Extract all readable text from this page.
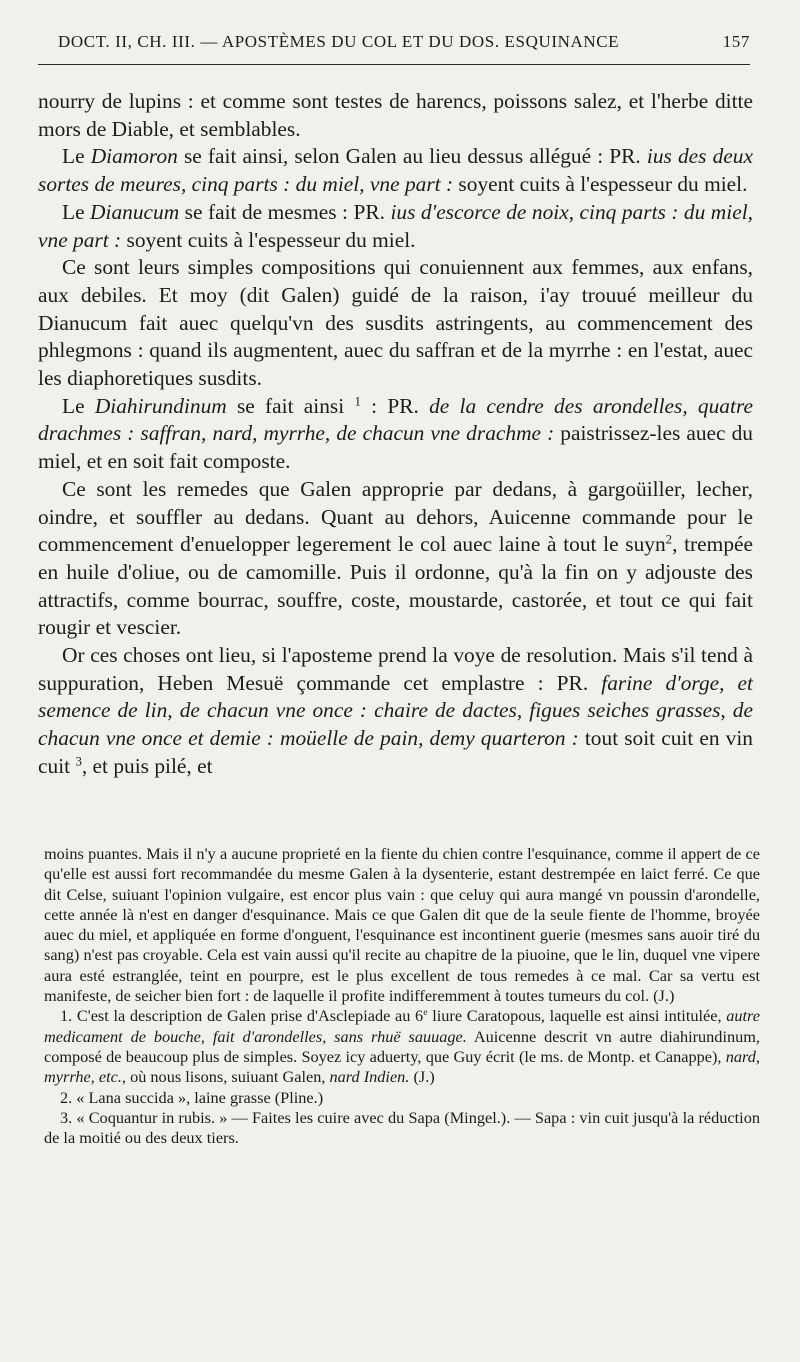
DOCT. II, CH. III. — APOSTÈMES DU COL ET DU DOS. ESQUINANCE	157

nourry de lupins : et comme sont testes de harencs, poissons salez, et l'herbe ditte mors de Diable, et semblables.

Le Diamoron se fait ainsi, selon Galen au lieu dessus allégué : PR. ius des deux sortes de meures, cinq parts : du miel, vne part : soyent cuits à l'espesseur du miel.

Le Dianucum se fait de mesmes : PR. ius d'escorce de noix, cinq parts : du miel, vne part : soyent cuits à l'espesseur du miel.

Ce sont leurs simples compositions qui conuiennent aux femmes, aux enfans, aux debiles. Et moy (dit Galen) guidé de la raison, i'ay trouué meilleur du Dianucum fait auec quelqu'vn des susdits astringents, au commencement des phlegmons : quand ils augmentent, auec du saffran et de la myrrhe : en l'estat, auec les diaphoretiques susdits.

Le Diahirundinum se fait ainsi $^1$ : PR. de la cendre des arondelles, quatre drachmes : saffran, nard, myrrhe, de chacun vne drachme : paistrissez-les auec du miel, et en soit fait composte.

Ce sont les remedes que Galen approprie par dedans, à gargoüiller, lecher, oindre, et souffler au dedans. Quant au dehors, Auicenne commande pour le commencement d'enuelopper legerement le col auec laine à tout le suyn$^2$, trempée en huile d'oliue, ou de camomille. Puis il ordonne, qu'à la fin on y adjouste des attractifs, comme bourrac, souffre, coste, moustarde, castorée, et tout ce qui fait rougir et vescier.

Or ces choses ont lieu, si l'aposteme prend la voye de resolution. Mais s'il tend à suppuration, Heben Mesuë çommande cet emplastre : PR. farine d'orge, et semence de lin, de chacun vne once : chaire de dactes, figues seiches grasses, de chacun vne once et demie : moüelle de pain, demy quarteron : tout soit cuit en vin cuit $^3$, et puis pilé, et

moins puantes. Mais il n'y a aucune proprieté en la fiente du chien contre l'esquinance, comme il appert de ce qu'elle est aussi fort recommandée du mesme Galen à la dysenterie, estant destrempée en laict ferré. Ce que dit Celse, suiuant l'opinion vulgaire, est encor plus vain : que celuy qui aura mangé vn poussin d'arondelle, cette année là n'est en danger d'esquinance. Mais ce que Galen dit que de la seule fiente de l'homme, broyée auec du miel, et appliquée en forme d'onguent, l'esquinance est incontinent guerie (mesmes sans auoir tiré du sang) n'est pas croyable. Cela est vain aussi qu'il recite au chapitre de la piuoine, que le lin, duquel vne vipere aura esté estranglée, teint en pourpre, est le plus excellent de tous remedes à ce mal. Car sa vertu est manifeste, de seicher bien fort : de laquelle il profite indifferemment à toutes tumeurs du col. (J.)

1. C'est la description de Galen prise d'Asclepiade au 6e liure Caratopous, laquelle est ainsi intitulée, autre medicament de bouche, fait d'arondelles, sans rhuë sauuage. Auicenne descrit vn autre diahirundinum, composé de beaucoup plus de simples. Soyez icy aduerty, que Guy écrit (le ms. de Montp. et Canappe), nard, myrrhe, etc., où nous lisons, suiuant Galen, nard Indien. (J.)

2. « Lana succida », laine grasse (Pline.)

3. « Coquantur in rubis. » — Faites les cuire avec du Sapa (Mingel.). — Sapa : vin cuit jusqu'à la réduction de la moitié ou des deux tiers.
